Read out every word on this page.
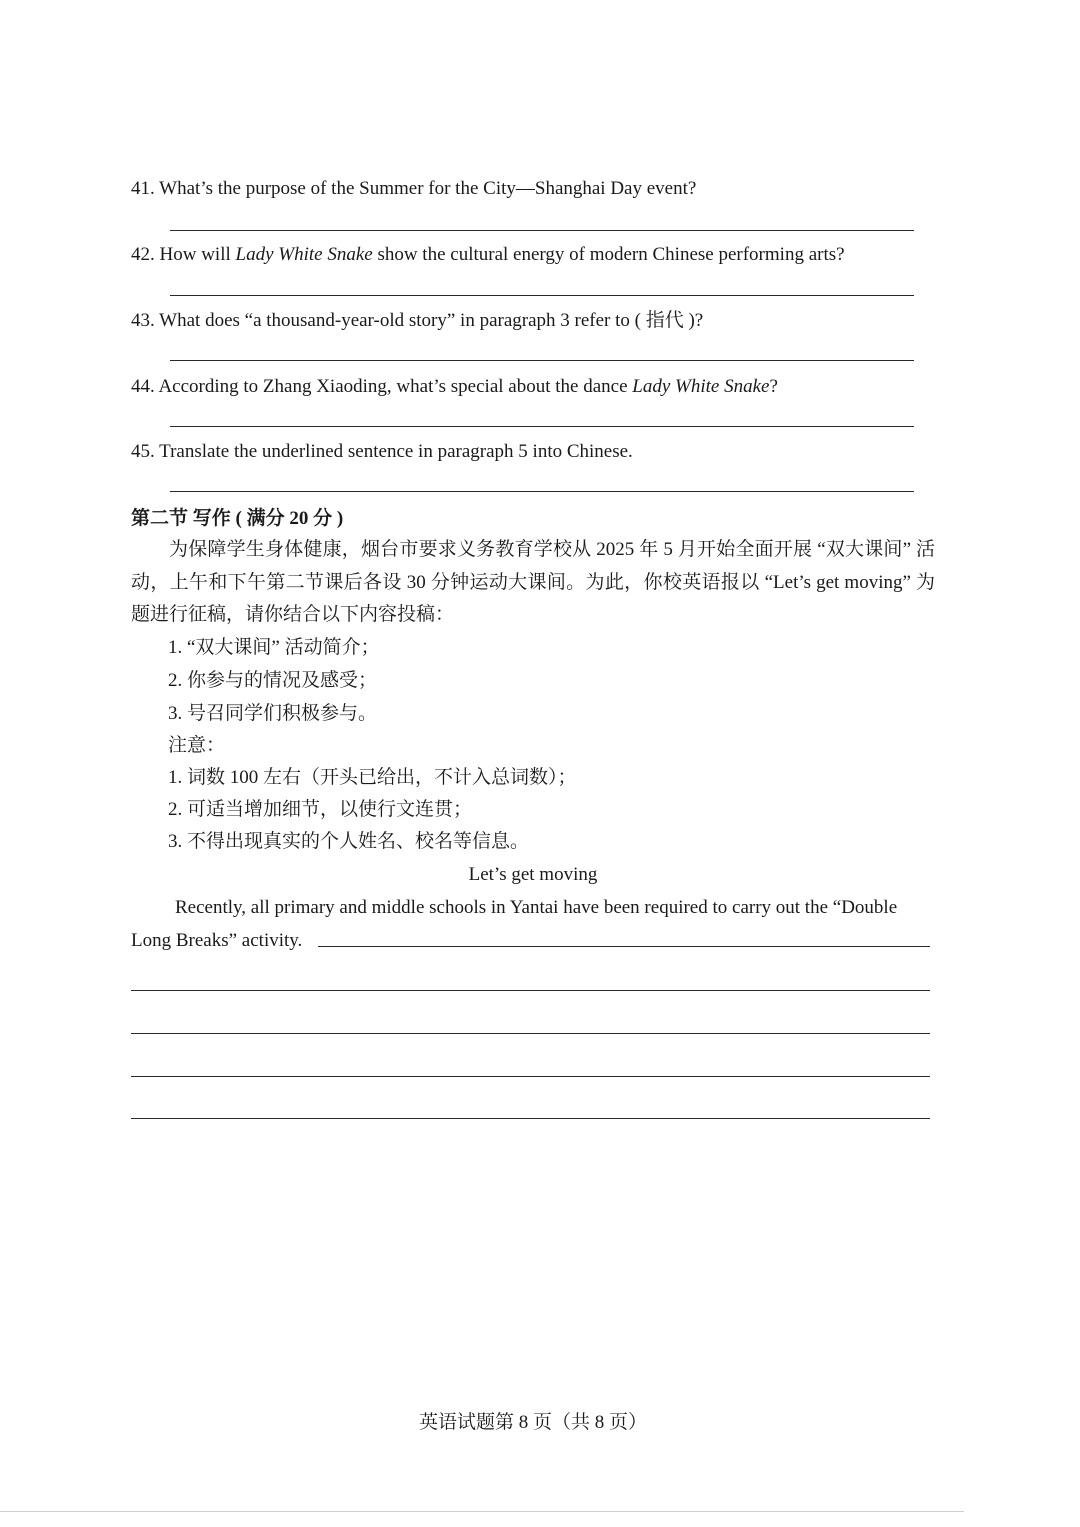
41. What’s the purpose of the Summer for the City—Shanghai Day event?
42. How will Lady White Snake show the cultural energy of modern Chinese performing arts?
43. What does “a thousand-year-old story” in paragraph 3 refer to ( 指代 )?
44. According to Zhang Xiaoding, what’s special about the dance Lady White Snake?
45. Translate the underlined sentence in paragraph 5 into Chinese.
第二节 写作 ( 满分 20 分 )
为保障学生身体健康，烟台市要求义务教育学校从 2025 年 5 月开始全面开展 “双大课间” 活动，上午和下午第二节课后各设 30 分钟运动大课间。为此，你校英语报以 “Let’s get moving” 为题进行征稿，请你结合以下内容投稿：
1. “双大课间” 活动简介；
2. 你参与的情况及感受；
3. 号召同学们积极参与。
注意：
1. 词数 100 左右（开头已给出，不计入总词数）；
2. 可适当增加细节，以使行文连贯；
3. 不得出现真实的个人姓名、校名等信息。
Let’s get moving
Recently, all primary and middle schools in Yantai have been required to carry out the “Double
Long Breaks” activity.
英语试题第 8 页（共 8 页）
